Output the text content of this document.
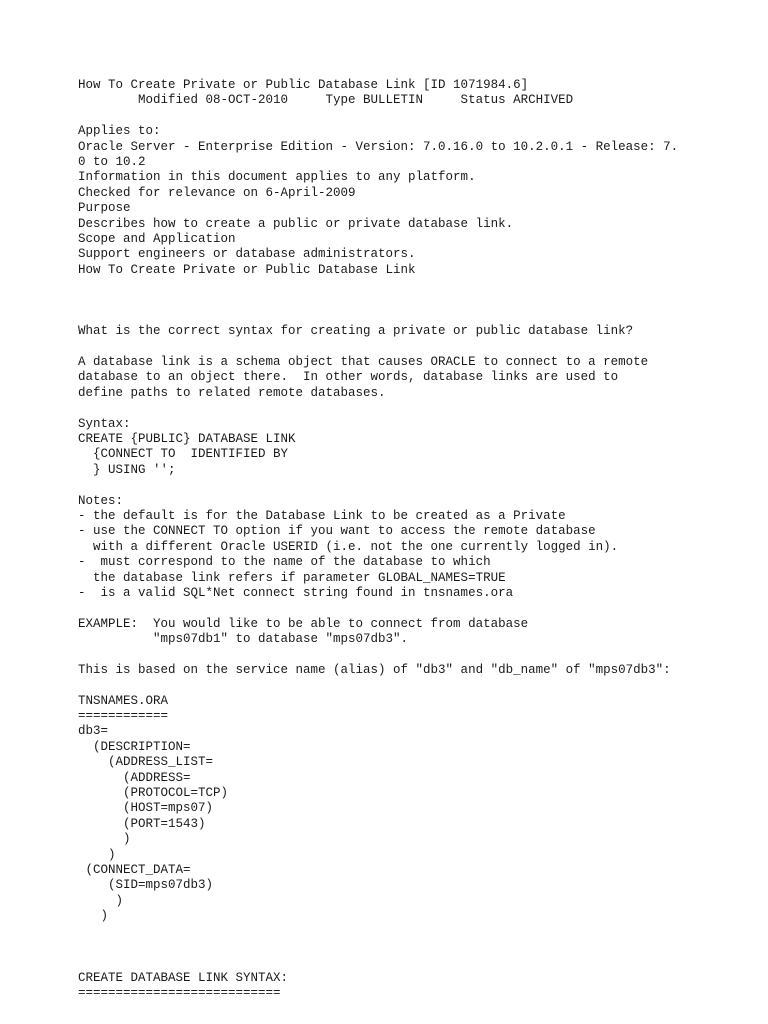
How To Create Private or Public Database Link [ID 1071984.6]
Modified 08-OCT-2010     Type BULLETIN     Status ARCHIVED
Applies to:
Oracle Server - Enterprise Edition - Version: 7.0.16.0 to 10.2.0.1 - Release: 7.
0 to 10.2
Information in this document applies to any platform.
Checked for relevance on 6-April-2009
Purpose
Describes how to create a public or private database link.
Scope and Application
Support engineers or database administrators.
How To Create Private or Public Database Link
What is the correct syntax for creating a private or public database link?
A database link is a schema object that causes ORACLE to connect to a remote
database to an object there.  In other words, database links are used to
define paths to related remote databases.
Syntax:
CREATE {PUBLIC} DATABASE LINK
{CONNECT TO  IDENTIFIED BY
} USING '';
Notes:
- the default is for the Database Link to be created as a Private
- use the CONNECT TO option if you want to access the remote database
with a different Oracle USERID (i.e. not the one currently logged in).
-  must correspond to the name of the database to which
the database link refers if parameter GLOBAL_NAMES=TRUE
-  is a valid SQL*Net connect string found in tnsnames.ora
EXAMPLE:  You would like to be able to connect from database
"mps07db1" to database "mps07db3".
This is based on the service name (alias) of "db3" and "db_name" of "mps07db3":
TNSNAMES.ORA
============
db3=
(DESCRIPTION=
(ADDRESS_LIST=
(ADDRESS=
(PROTOCOL=TCP)
(HOST=mps07)
(PORT=1543)
)
)
(CONNECT_DATA=
(SID=mps07db3)
)
)
CREATE DATABASE LINK SYNTAX:
===========================
